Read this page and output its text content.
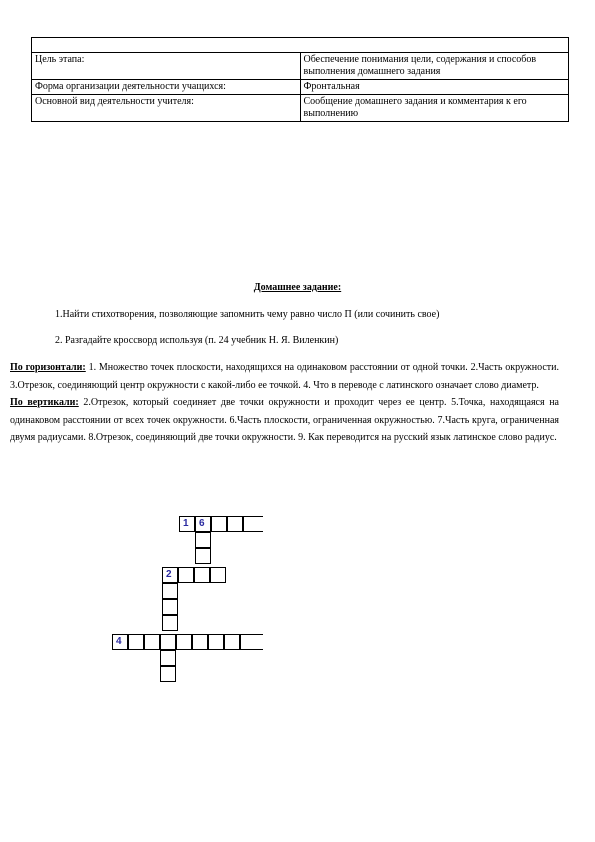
Цель этапа:	Обеспечение понимания цели, содержания и способов выполнения домашнего задания
Форма организации деятельности учащихся:	Фронтальная
Основной вид деятельности учителя:	Сообщение домашнего задания и комментария к его выполнению
Домашнее задание:
1.Найти стихотворения, позволяющие запомнить чему равно число П (или сочинить свое)
2. Разгадайте кроссворд используя (п. 24 учебник Н. Я. Виленкин)
По горизонтали: 1. Множество точек плоскости, находящихся на одинаковом расстоянии от одной точки. 2.Часть окружности. 3.Отрезок, соединяющий центр окружности с какой-либо ее точкой. 4. Что в переводе с латинского означает слово диаметр.
По вертикали: 2.Отрезок, который соединяет две точки окружности и проходит через ее центр. 5.Точка, находящаяся на одинаковом расстоянии от всех точек окружности. 6.Часть плоскости, ограниченная окружностью. 7.Часть круга, ограниченная двумя радиусами. 8.Отрезок, соединяющий две точки окружности. 9. Как переводится на русский язык латинское слово радиус.
1 6
2
4
